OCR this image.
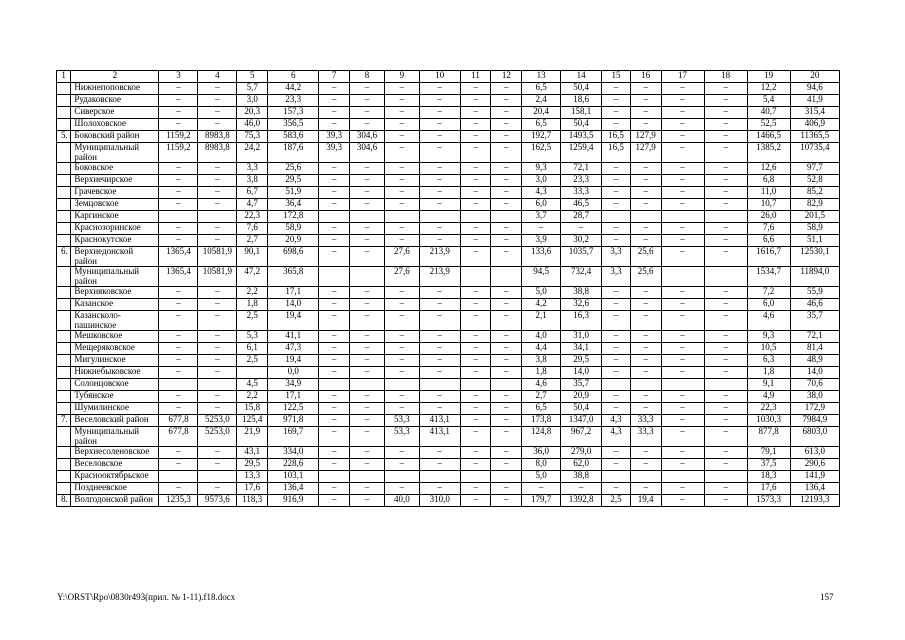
1	2	3	4	5	6	7	8	9	10	11	12	13	14	15	16	17	18	19	20
	Нижнепоповское	–	–	5,7	44,2	–	–	–	–	–	–	6,5	50,4	–	–	–	–	12,2	94,6
	Рудаковское	–	–	3,0	23,3	–	–	–	–	–	–	2,4	18,6	–	–	–	–	5,4	41,9
	Сиверское	–	–	20,3	157,3	–	–	–	–	–	–	20,4	158,1	–	–	–	–	40,7	315,4
	Шолоховское	–	–	46,0	356,5	–	–	–	–	–	–	6,5	50,4	–	–	–	–	52,5	406,9
5.	Боковский район	1159,2	8983,8	75,3	583,6	39,3	304,6	–	–	–	–	192,7	1493,5	16,5	127,9	–	–	1466,5	11365,5
	Муниципальный район	1159,2	8983,8	24,2	187,6	39,3	304,6	–	–	–	–	162,5	1259,4	16,5	127,9	–	–	1385,2	10735,4
	Боковское	–	–	3,3	25,6	–	–	–	–	–	–	9,3	72,1	–	–	–	–	12,6	97,7
	Верхнечирское	–	–	3,8	29,5	–	–	–	–	–	–	3,0	23,3	–	–	–	–	6,8	52,8
	Грачевское	–	–	6,7	51,9	–	–	–	–	–	–	4,3	33,3	–	–	–	–	11,0	85,2
	Земцовское	–	–	4,7	36,4	–	–	–	–	–	–	6,0	46,5	–	–	–	–	10,7	82,9
	Каргинское			22,3	172,8							3,7	28,7					26,0	201,5
	Краснозоринское	–	–	7,6	58,9	–	–	–	–	–	–	–	–	–	–	–	–	7,6	58,9
	Краснокутское	–	–	2,7	20,9	–	–	–	–	–	–	3,9	30,2	–	–	–	–	6,6	51,1
6.	Верхнедонской район	1365,4	10581,9	90,1	698,6	–	–	27,6	213,9	–	–	133,6	1035,7	3,3	25,6	–	–	1616,7	12530,1
	Муниципальный район	1365,4	10581,9	47,2	365,8			27,6	213,9			94,5	732,4	3,3	25,6			1534,7	11894,0
	Верхняковское	–	–	2,2	17,1	–	–	–	–	–	–	5,0	38,8	–	–	–	–	7,2	55,9
	Казанское	–	–	1,8	14,0	–	–	–	–	–	–	4,2	32,6	–	–	–	–	6,0	46,6
	Казансколо-пашинское	–	–	2,5	19,4	–	–	–	–	–	–	2,1	16,3	–	–	–	–	4,6	35,7
	Мешковское	–	–	5,3	41,1	–	–	–	–	–	–	4,0	31,0	–	–	–	–	9,3	72,1
	Мещеряковское	–	–	6,1	47,3	–	–	–	–	–	–	4,4	34,1	–	–	–	–	10,5	81,4
	Мигулинское	–	–	2,5	19,4	–	–	–	–	–	–	3,8	29,5	–	–	–	–	6,3	48,9
	Нижнебыковское	–	–		0,0	–	–	–	–	–	–	1,8	14,0	–	–	–	–	1,8	14,0
	Солонцовское			4,5	34,9							4,6	35,7					9,1	70,6
	Тубянское	–	–	2,2	17,1	–	–	–	–	–	–	2,7	20,9	–	–	–	–	4,9	38,0
	Шумилинское	–	–	15,8	122,5	–	–	–	–	–	–	6,5	50,4	–	–	–	–	22,3	172,9
7.	Веселовский район	677,8	5253,0	125,4	971,8	–	–	53,3	413,1	–	–	173,8	1347,0	4,3	33,3	–	–	1030,3	7984,9
	Муниципальный район	677,8	5253,0	21,9	169,7	–	–	53,3	413,1	–	–	124,8	967,2	4,3	33,3	–	–	877,8	6803,0
	Верхнесоленовское	–	–	43,1	334,0	–	–	–	–	–	–	36,0	279,0	–	–	–	–	79,1	613,0
	Веселовское	–	–	29,5	228,6	–	–	–	–	–	–	8,0	62,0	–	–	–	–	37,5	290,6
	Краснооктябрьское			13,3	103,1							5,0	38,8					18,3	141,9
	Позднеевское	–	–	17,6	136,4	–	–	–	–	–	–	–	–	–	–	–	–	17,6	136,4
8.	Волгодонской район	1235,3	9573,6	118,3	916,9	–	–	40,0	310,0	–	–	179,7	1392,8	2,5	19,4	–	–	1573,3	12193,3
Y:\ORST\Rpo\0830r493(прил. № 1-11).f18.docx	157
